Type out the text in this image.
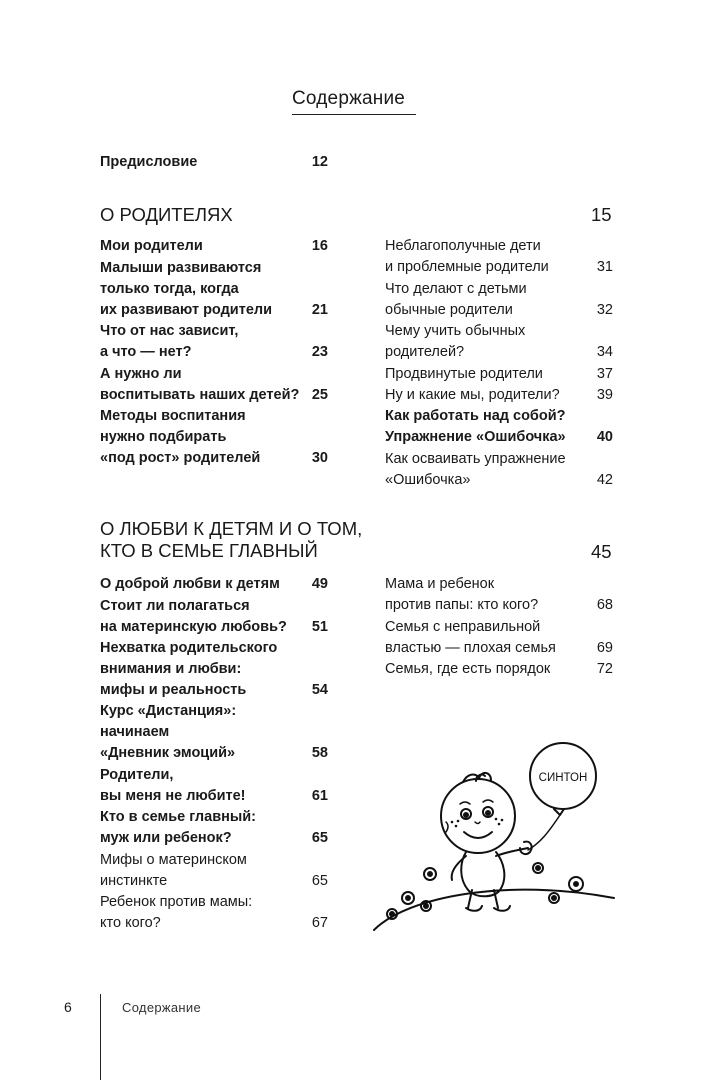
Содержание
Предисловие	12
О РОДИТЕЛЯХ	15
Мои родители	16
Малыши развиваются
только тогда, когда
их развивают родители	21
Что от нас зависит,
а что — нет?	23
А нужно ли
воспитывать наших детей? 25
Методы воспитания
нужно подбирать
«под рост» родителей	30
Неблагополучные дети
и проблемные родители	31
Что делают с детьми
обычные родители	32
Чему учить обычных
родителей?	34
Продвинутые родители	37
Ну и какие мы, родители?	39
Как работать над собой?
Упражнение «Ошибочка» 40
Как осваивать упражнение
«Ошибочка»	42
О ЛЮБВИ К ДЕТЯМ И О ТОМ,
КТО В СЕМЬЕ ГЛАВНЫЙ	45
О доброй любви к детям 49
Стоит ли полагаться
на материнскую любовь? 51
Нехватка родительского
внимания и любви:
мифы и реальность	54
Курс «Дистанция»:
начинаем
«Дневник эмоций»	58
Родители,
вы меня не любите!	61
Кто в семье главный:
муж или ребенок?	65
Мифы о материнском
инстинкте	65
Ребенок против мамы:
кто кого?	67
Мама и ребенок
против папы: кто кого?	68
Семья с неправильной
властью — плохая семья	69
Семья, где есть порядок	72
СИНТОН
6	Содержание
